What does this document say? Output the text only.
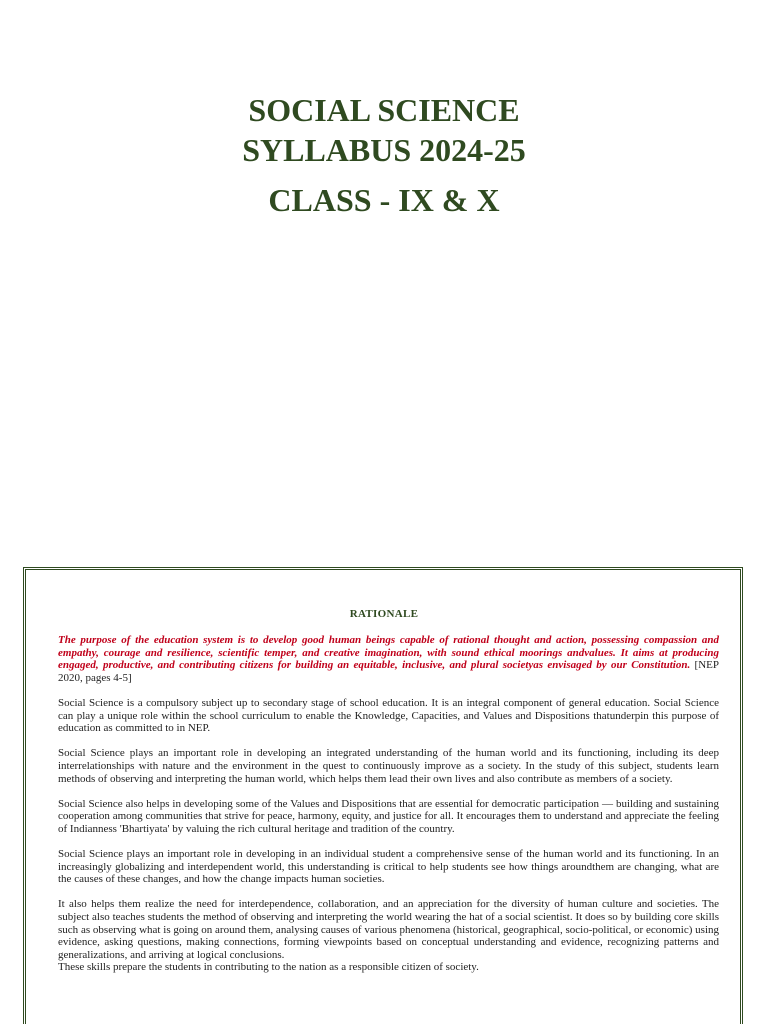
SOCIAL SCIENCE
SYLLABUS 2024-25
CLASS - IX & X
RATIONALE

The purpose of the education system is to develop good human beings capable of rational thought and action, possessing compassion and empathy, courage and resilience, scientific temper, and creative imagination, with sound ethical moorings andvalues. It aims at producing engaged, productive, and contributing citizens for building an equitable, inclusive, and plural societyas envisaged by our Constitution. [NEP 2020, pages 4-5]

Social Science is a compulsory subject up to secondary stage of school education. It is an integral component of general education. Social Science can play a unique role within the school curriculum to enable the Knowledge, Capacities, and Values and Dispositions thatunderpin this purpose of education as committed to in NEP.

Social Science plays an important role in developing an integrated understanding of the human world and its functioning, including its deep interrelationships with nature and the environment in the quest to continuously improve as a society. In the study of this subject, students learn methods of observing and interpreting the human world, which helps them lead their own lives and also contribute as members of a society.

Social Science also helps in developing some of the Values and Dispositions that are essential for democratic participation — building and sustaining cooperation among communities that strive for peace, harmony, equity, and justice for all. It encourages them to understand and appreciate the feeling of Indianness 'Bhartiyata' by valuing the rich cultural heritage and tradition of the country.

Social Science plays an important role in developing in an individual student a comprehensive sense of the human world and its functioning. In an increasingly globalizing and interdependent world, this understanding is critical to help students see how things aroundthem are changing, what are the causes of these changes, and how the change impacts human societies.

It also helps them realize the need for interdependence, collaboration, and an appreciation for the diversity of human culture and societies. The subject also teaches students the method of observing and interpreting the world wearing the hat of a social scientist. It does so by building core skills such as observing what is going on around them, analysing causes of various phenomena (historical, geographical, socio-political, or economic) using evidence, asking questions, making connections, forming viewpoints based on conceptual understanding and evidence, recognizing patterns and generalizations, and arriving at logical conclusions.

These skills prepare the students in contributing to the nation as a responsible citizen of society.
